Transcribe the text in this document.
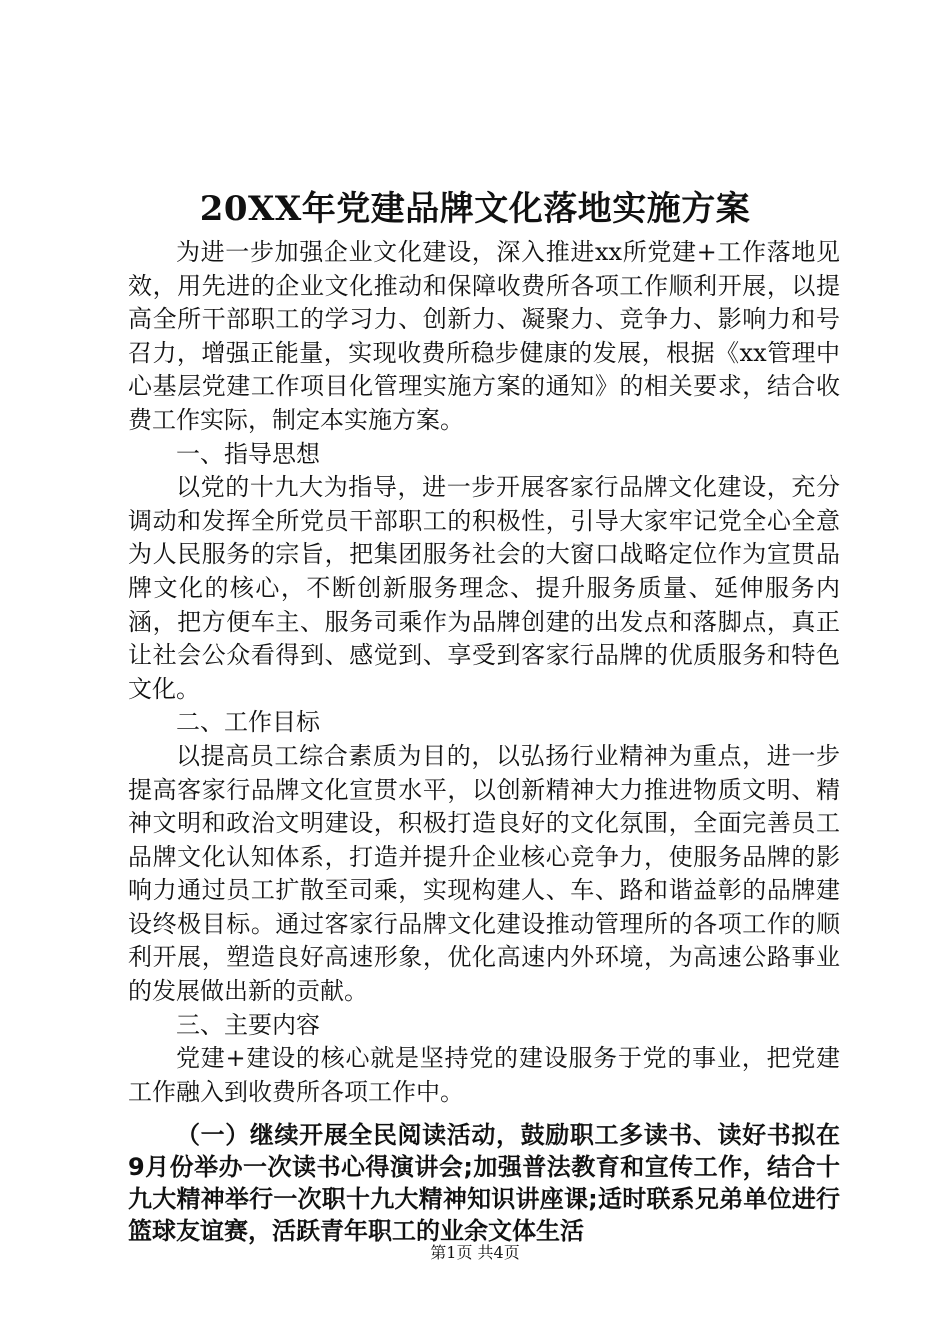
20XX年党建品牌文化落地实施方案

为进一步加强企业文化建设，深入推进xx所党建+工作落地见效，用先进的企业文化推动和保障收费所各项工作顺利开展，以提高全所干部职工的学习力、创新力、凝聚力、竞争力、影响力和号召力，增强正能量，实现收费所稳步健康的发展，根据《xx管理中心基层党建工作项目化管理实施方案的通知》的相关要求，结合收费工作实际，制定本实施方案。

一、指导思想

以党的十九大为指导，进一步开展客家行品牌文化建设，充分调动和发挥全所党员干部职工的积极性，引导大家牢记党全心全意为人民服务的宗旨，把集团服务社会的大窗口战略定位作为宣贯品牌文化的核心，不断创新服务理念、提升服务质量、延伸服务内涵，把方便车主、服务司乘作为品牌创建的出发点和落脚点，真正让社会公众看得到、感觉到、享受到客家行品牌的优质服务和特色文化。

二、工作目标

以提高员工综合素质为目的，以弘扬行业精神为重点，进一步提高客家行品牌文化宣贯水平，以创新精神大力推进物质文明、精神文明和政治文明建设，积极打造良好的文化氛围，全面完善员工品牌文化认知体系，打造并提升企业核心竞争力，使服务品牌的影响力通过员工扩散至司乘，实现构建人、车、路和谐益彰的品牌建设终极目标。通过客家行品牌文化建设推动管理所的各项工作的顺利开展，塑造良好高速形象，优化高速内外环境，为高速公路事业的发展做出新的贡献。

三、主要内容

党建+建设的核心就是坚持党的建设服务于党的事业，把党建工作融入到收费所各项工作中。

（一）继续开展全民阅读活动，鼓励职工多读书、读好书拟在9月份举办一次读书心得演讲会;加强普法教育和宣传工作，结合十九大精神举行一次职十九大精神知识讲座课;适时联系兄弟单位进行篮球友谊赛，活跃青年职工的业余文体生活

第1页 共4页
